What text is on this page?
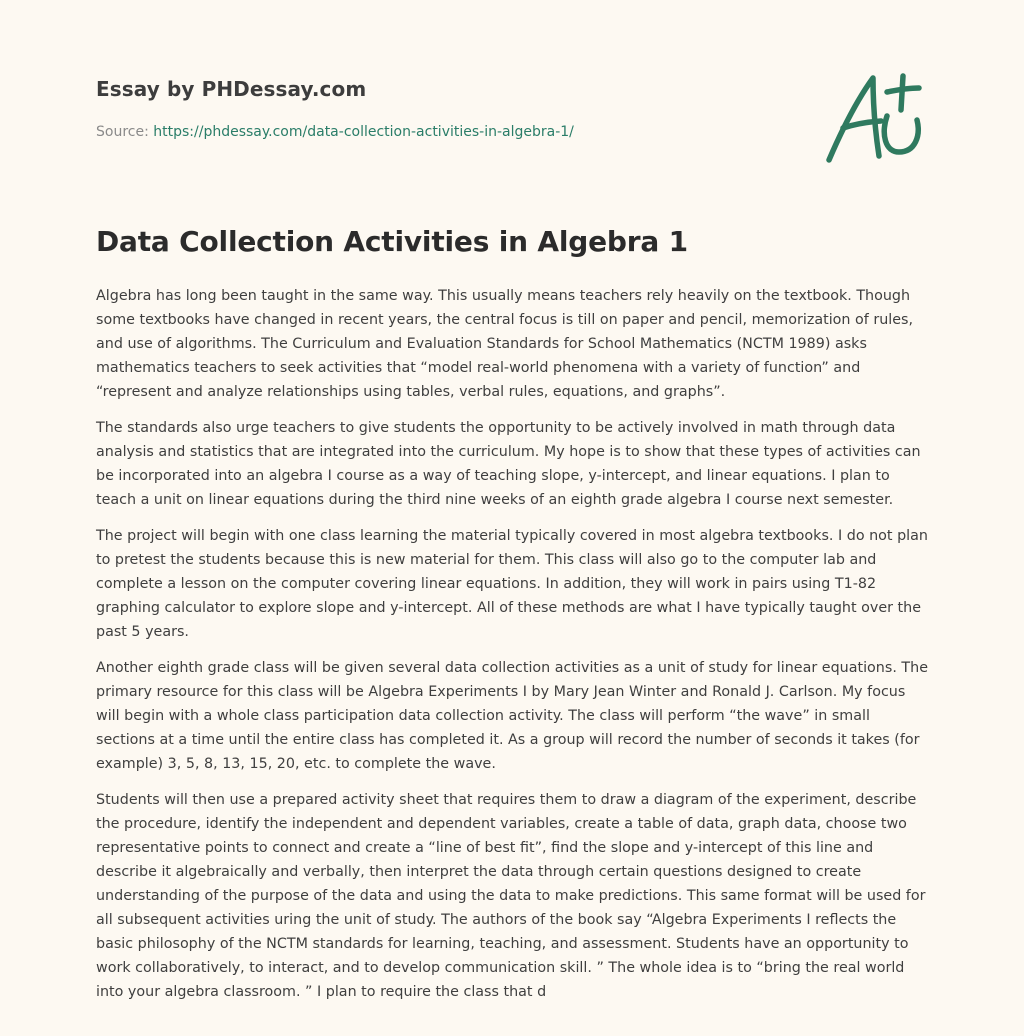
Essay by PHDessay.com
Source: https://phdessay.com/data-collection-activities-in-algebra-1/
Data Collection Activities in Algebra 1

Algebra has long been taught in the same way. This usually means teachers rely heavily on the textbook. Though some textbooks have changed in recent years, the central focus is till on paper and pencil, memorization of rules, and use of algorithms. The Curriculum and Evaluation Standards for School Mathematics (NCTM 1989) asks mathematics teachers to seek activities that “model real-world phenomena with a variety of function” and “represent and analyze relationships using tables, verbal rules, equations, and graphs”.

The standards also urge teachers to give students the opportunity to be actively involved in math through data analysis and statistics that are integrated into the curriculum. My hope is to show that these types of activities can be incorporated into an algebra I course as a way of teaching slope, y-intercept, and linear equations. I plan to teach a unit on linear equations during the third nine weeks of an eighth grade algebra I course next semester.

The project will begin with one class learning the material typically covered in most algebra textbooks. I do not plan to pretest the students because this is new material for them. This class will also go to the computer lab and complete a lesson on the computer covering linear equations. In addition, they will work in pairs using T1-82 graphing calculator to explore slope and y-intercept. All of these methods are what I have typically taught over the past 5 years.

Another eighth grade class will be given several data collection activities as a unit of study for linear equations. The primary resource for this class will be Algebra Experiments I by Mary Jean Winter and Ronald J. Carlson. My focus will begin with a whole class participation data collection activity. The class will perform “the wave” in small sections at a time until the entire class has completed it. As a group will record the number of seconds it takes (for example) 3, 5, 8, 13, 15, 20, etc. to complete the wave.

Students will then use a prepared activity sheet that requires them to draw a diagram of the experiment, describe the procedure, identify the independent and dependent variables, create a table of data, graph data, choose two representative points to connect and create a “line of best fit”, find the slope and y-intercept of this line and describe it algebraically and verbally, then interpret the data through certain questions designed to create understanding of the purpose of the data and using the data to make predictions. This same format will be used for all subsequent activities uring the unit of study. The authors of the book say “Algebra Experiments I reflects the basic philosophy of the NCTM standards for learning, teaching, and assessment. Students have an opportunity to work collaboratively, to interact, and to develop communication skill. ” The whole idea is to “bring the real world into your algebra classroom. ” I plan to require the class that d
